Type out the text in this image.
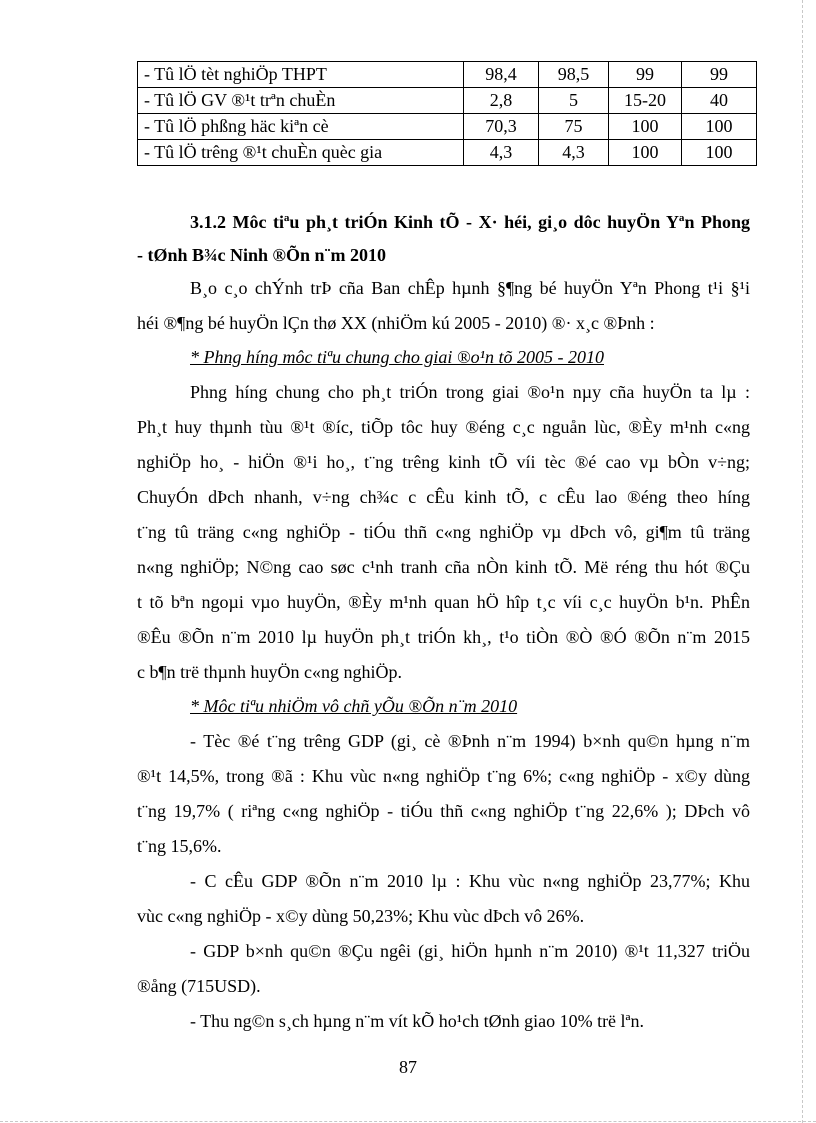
- Tû lÖ tèt nghiÖp THPT	98,4	98,5	99	99
- Tû lÖ GV ®¹t trªn chuÈn	2,8	5	15-20	40
- Tû lÖ phßng häc kiªn cè	70,3	75	100	100
- Tû lÖ trêng ®¹t chuÈn quèc gia	4,3	4,3	100	100
3.1.2 Môc tiªu ph¸t triÓn Kinh tÕ - X· héi, gi¸o dôc huyÖn Yªn Phong
- tØnh B¾c Ninh ®Õn n¨m 2010
B¸o c¸o chÝnh trÞ cña Ban chÊp hµnh §¶ng bé huyÖn Yªn Phong t¹i §¹i
héi ®¶ng bé huyÖn lÇn thø XX (nhiÖm kú 2005 - 2010) ®· x¸c ®Þnh :
* Phng híng môc tiªu chung cho giai ®o¹n tõ 2005 - 2010
Phng híng chung cho ph¸t triÓn trong giai ®o¹n nµy cña huyÖn ta lµ :
Ph¸t huy thµnh tùu ®¹t ®íc, tiÕp tôc huy ®éng c¸c nguån lùc, ®Èy m¹nh c«ng
nghiÖp ho¸ - hiÖn ®¹i ho¸, t¨ng trêng kinh tÕ víi tèc ®é cao vµ bÒn v÷ng;
ChuyÓn dÞch nhanh, v÷ng ch¾c c cÊu kinh tÕ, c cÊu lao ®éng theo híng
t¨ng tû träng c«ng nghiÖp - tiÓu thñ c«ng nghiÖp vµ dÞch vô, gi¶m tû träng
n«ng nghiÖp; N©ng cao søc c¹nh tranh cña nÒn kinh tÕ. Më réng thu hót ®Çu
t tõ bªn ngoµi vµo huyÖn, ®Èy m¹nh quan hÖ hîp t¸c víi c¸c huyÖn b¹n. PhÊn
®Êu ®Õn n¨m 2010 lµ huyÖn ph¸t triÓn kh¸, t¹o tiÒn ®Ò ®Ó ®Õn n¨m 2015
c b¶n trë thµnh huyÖn c«ng nghiÖp.
* Môc tiªu nhiÖm vô chñ yÕu ®Õn n¨m 2010
- Tèc ®é t¨ng trêng GDP (gi¸ cè ®Þnh n¨m 1994) b×nh qu©n hµng n¨m
®¹t 14,5%, trong ®ã : Khu vùc n«ng nghiÖp t¨ng 6%; c«ng nghiÖp - x©y dùng
t¨ng 19,7% ( riªng c«ng nghiÖp - tiÓu thñ c«ng nghiÖp t¨ng 22,6% ); DÞch vô
t¨ng 15,6%.
- C cÊu GDP ®Õn n¨m 2010 lµ : Khu vùc n«ng nghiÖp 23,77%; Khu
vùc c«ng nghiÖp - x©y dùng 50,23%; Khu vùc dÞch vô 26%.
- GDP b×nh qu©n ®Çu ngêi (gi¸ hiÖn hµnh n¨m 2010) ®¹t 11,327 triÖu
®ång (715USD).
- Thu ng©n s¸ch hµng n¨m vít kÕ ho¹ch tØnh giao 10% trë lªn.
87
